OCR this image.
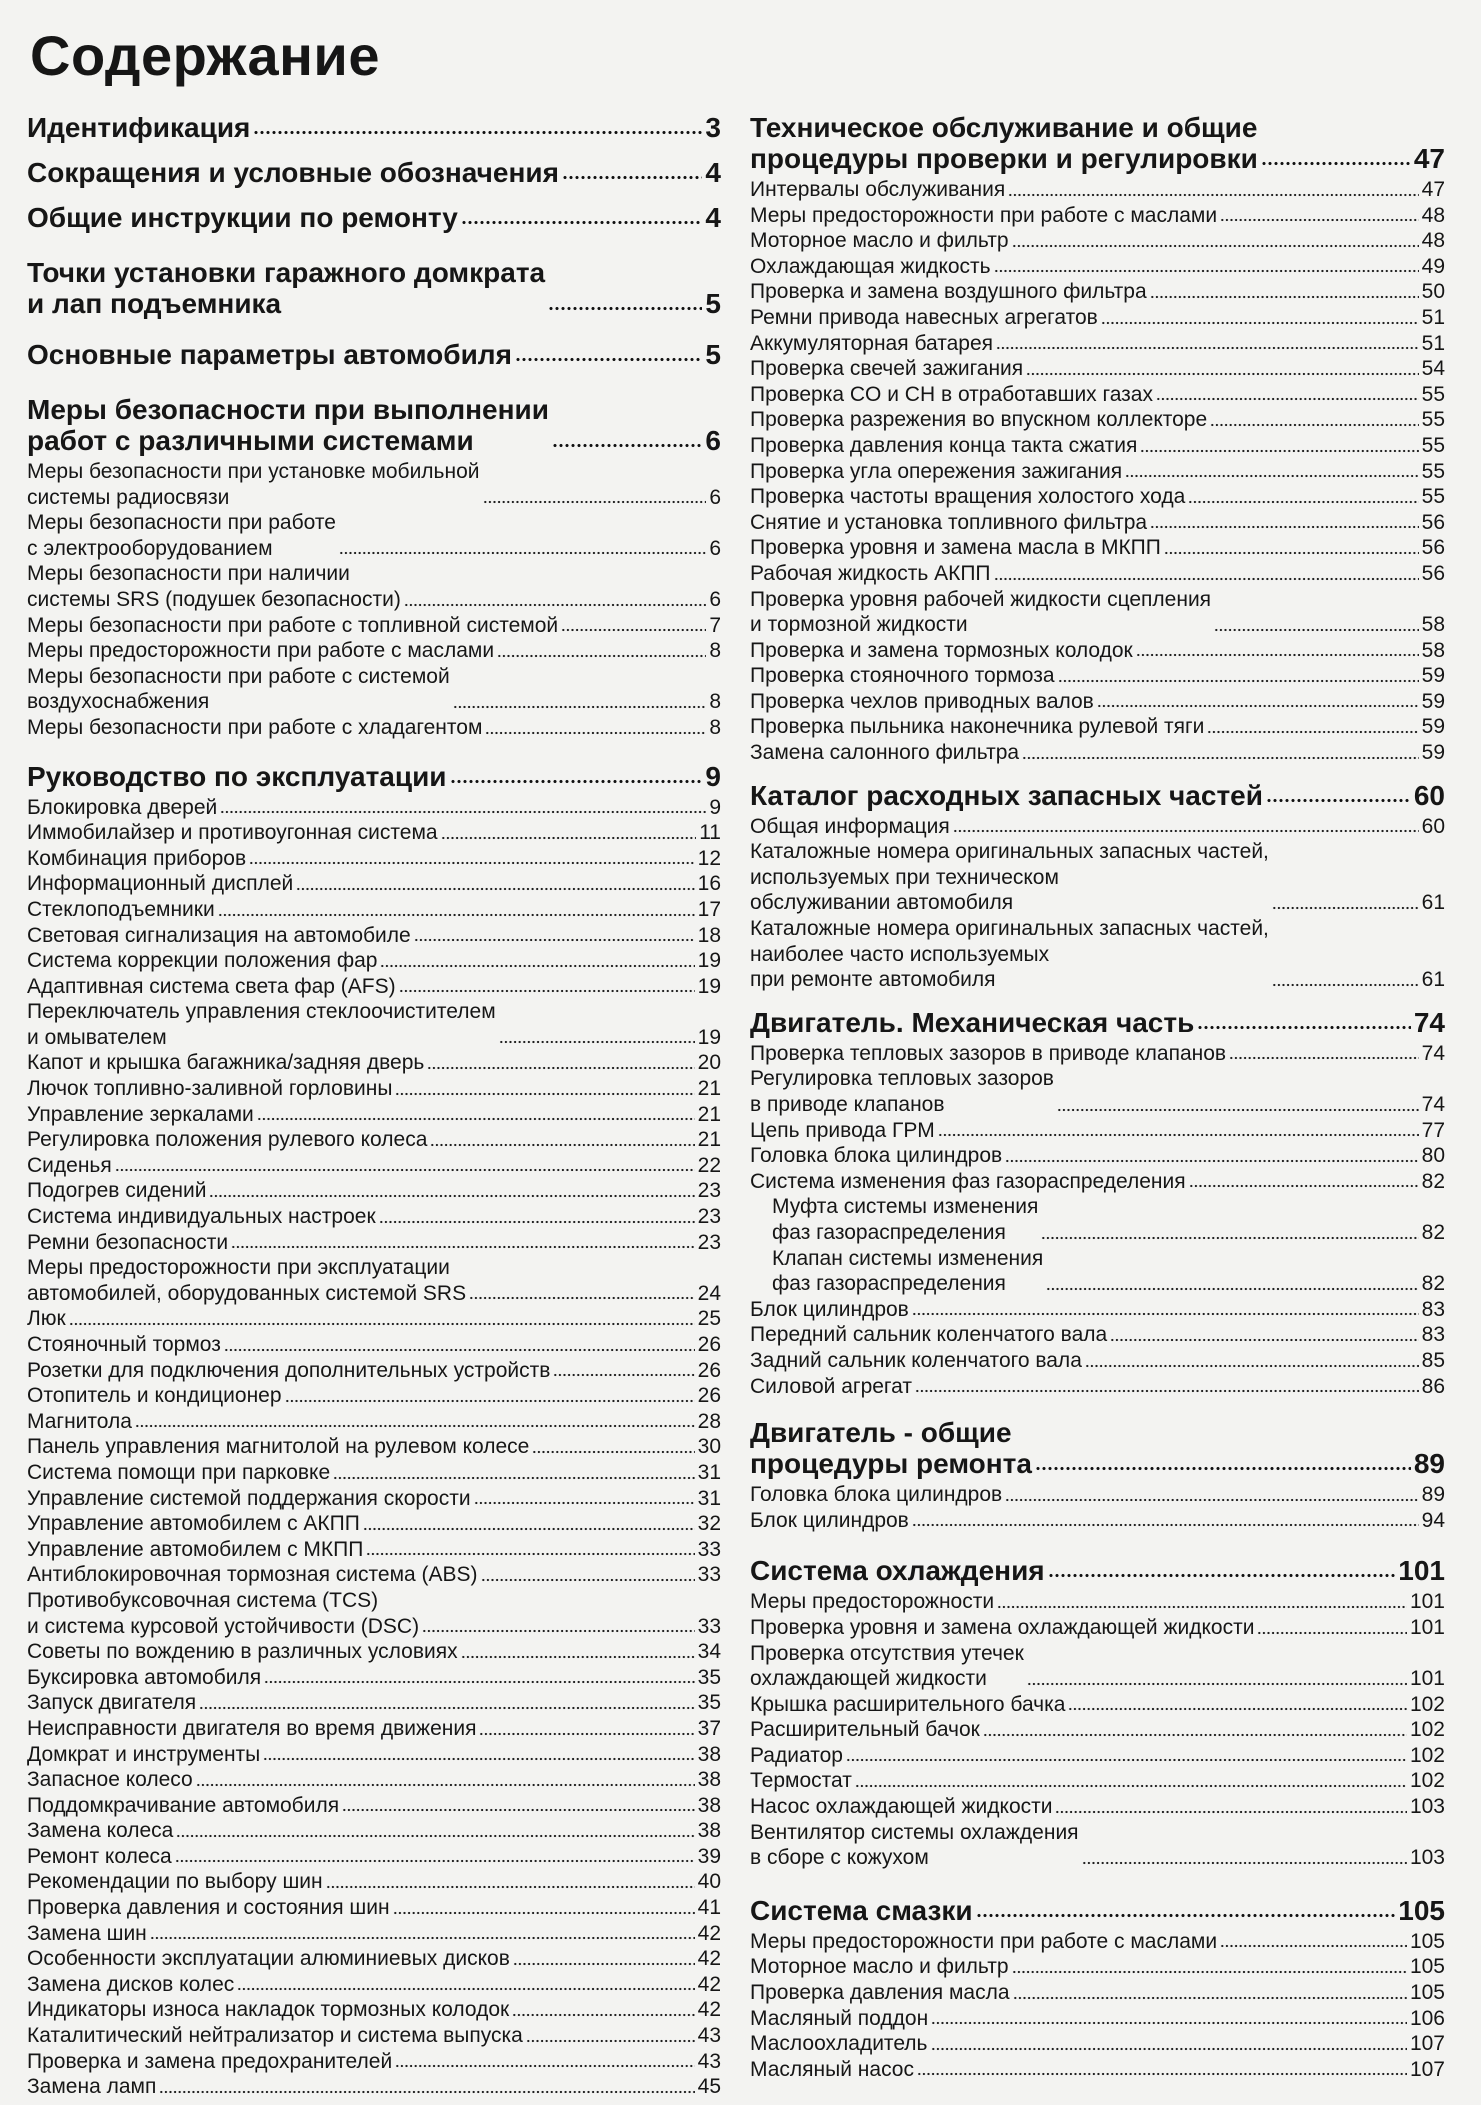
Содержание
Идентификация	3
Сокращения и условные обозначения	4
Общие инструкции по ремонту	4
Точки установки гаражного домкрата
и лап подъемника	5
Основные параметры автомобиля	5
Меры безопасности при выполнении
работ с различными системами	6
Меры безопасности при установке мобильной
системы радиосвязи	6
Меры безопасности при работе
с электрооборудованием	6
Меры безопасности при наличии
системы SRS (подушек безопасности)	6
Меры безопасности при работе с топливной системой	7
Меры предосторожности при работе с маслами	8
Меры безопасности при работе с системой
воздухоснабжения	8
Меры безопасности при работе с хладагентом	8
Руководство по эксплуатации	9
Блокировка дверей	9
Иммобилайзер и противоугонная система	11
Комбинация приборов	12
Информационный дисплей	16
Стеклоподъемники	17
Световая сигнализация на автомобиле	18
Система коррекции положения фар	19
Адаптивная система света фар (AFS)	19
Переключатель управления стеклоочистителем
и омывателем	19
Капот и крышка багажника/задняя дверь	20
Лючок топливно-заливной горловины	21
Управление зеркалами	21
Регулировка положения рулевого колеса	21
Сиденья	22
Подогрев сидений	23
Система индивидуальных настроек	23
Ремни безопасности	23
Меры предосторожности при эксплуатации
автомобилей, оборудованных системой SRS	24
Люк	25
Стояночный тормоз	26
Розетки для подключения дополнительных устройств	26
Отопитель и кондиционер	26
Магнитола	28
Панель управления магнитолой на рулевом колесе	30
Система помощи при парковке	31
Управление системой поддержания скорости	31
Управление автомобилем с АКПП	32
Управление автомобилем с МКПП	33
Антиблокировочная тормозная система (ABS)	33
Противобуксовочная система (TCS)
и система курсовой устойчивости (DSC)	33
Советы по вождению в различных условиях	34
Буксировка автомобиля	35
Запуск двигателя	35
Неисправности двигателя во время движения	37
Домкрат и инструменты	38
Запасное колесо	38
Поддомкрачивание автомобиля	38
Замена колеса	38
Ремонт колеса	39
Рекомендации по выбору шин	40
Проверка давления и состояния шин	41
Замена шин	42
Особенности эксплуатации алюминиевых дисков	42
Замена дисков колес	42
Индикаторы износа накладок тормозных колодок	42
Каталитический нейтрализатор и система выпуска	43
Проверка и замена предохранителей	43
Замена ламп	45
Техническое обслуживание и общие
процедуры проверки и регулировки	47
Интервалы обслуживания	47
Меры предосторожности при работе с маслами	48
Моторное масло и фильтр	48
Охлаждающая жидкость	49
Проверка и замена воздушного фильтра	50
Ремни привода навесных агрегатов	51
Аккумуляторная батарея	51
Проверка свечей зажигания	54
Проверка CO и CH в отработавших газах	55
Проверка разрежения во впускном коллекторе	55
Проверка давления конца такта сжатия	55
Проверка угла опережения зажигания	55
Проверка частоты вращения холостого хода	55
Снятие и установка топливного фильтра	56
Проверка уровня и замена масла в МКПП	56
Рабочая жидкость АКПП	56
Проверка уровня рабочей жидкости сцепления
и тормозной жидкости	58
Проверка и замена тормозных колодок	58
Проверка стояночного тормоза	59
Проверка чехлов приводных валов	59
Проверка пыльника наконечника рулевой тяги	59
Замена салонного фильтра	59
Каталог расходных запасных частей	60
Общая информация	60
Каталожные номера оригинальных запасных частей,
используемых при техническом
обслуживании автомобиля	61
Каталожные номера оригинальных запасных частей,
наиболее часто используемых
при ремонте автомобиля	61
Двигатель. Механическая часть	74
Проверка тепловых зазоров в приводе клапанов	74
Регулировка тепловых зазоров
в приводе клапанов	74
Цепь привода ГРМ	77
Головка блока цилиндров	80
Система изменения фаз газораспределения	82
Муфта системы изменения
фаз газораспределения	82
Клапан системы изменения
фаз газораспределения	82
Блок цилиндров	83
Передний сальник коленчатого вала	83
Задний сальник коленчатого вала	85
Силовой агрегат	86
Двигатель - общие
процедуры ремонта	89
Головка блока цилиндров	89
Блок цилиндров	94
Система охлаждения	101
Меры предосторожности	101
Проверка уровня и замена охлаждающей жидкости	101
Проверка отсутствия утечек
охлаждающей жидкости	101
Крышка расширительного бачка	102
Расширительный бачок	102
Радиатор	102
Термостат	102
Насос охлаждающей жидкости	103
Вентилятор системы охлаждения
в сборе с кожухом	103
Система смазки	105
Меры предосторожности при работе с маслами	105
Моторное масло и фильтр	105
Проверка давления масла	105
Масляный поддон	106
Маслоохладитель	107
Масляный насос	107
